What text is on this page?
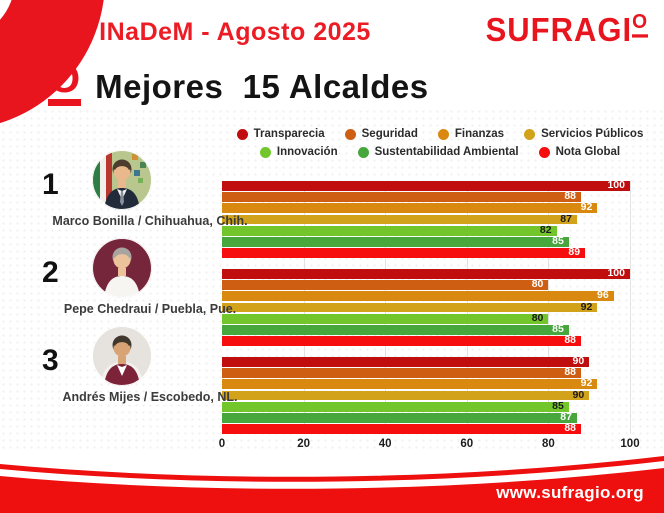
INaDeM - Agosto 2025	SUFRAGIO
O Mejores  15 Alcaldes
Transparecia	Seguridad	Finanzas	Servicios Públicos
Innovación	Sustentabilidad Ambiental	Nota Global
1
Marco Bonilla / Chihuahua, Chih.
2
Pepe Chedraui / Puebla, Pue.
3
Andrés Mijes / Escobedo, NL.
100
88
92
87
82
85
89
100
80
96
92
80
85
88
90
88
92
90
85
87
88
0	20	40	60	80	100
www.sufragio.org
